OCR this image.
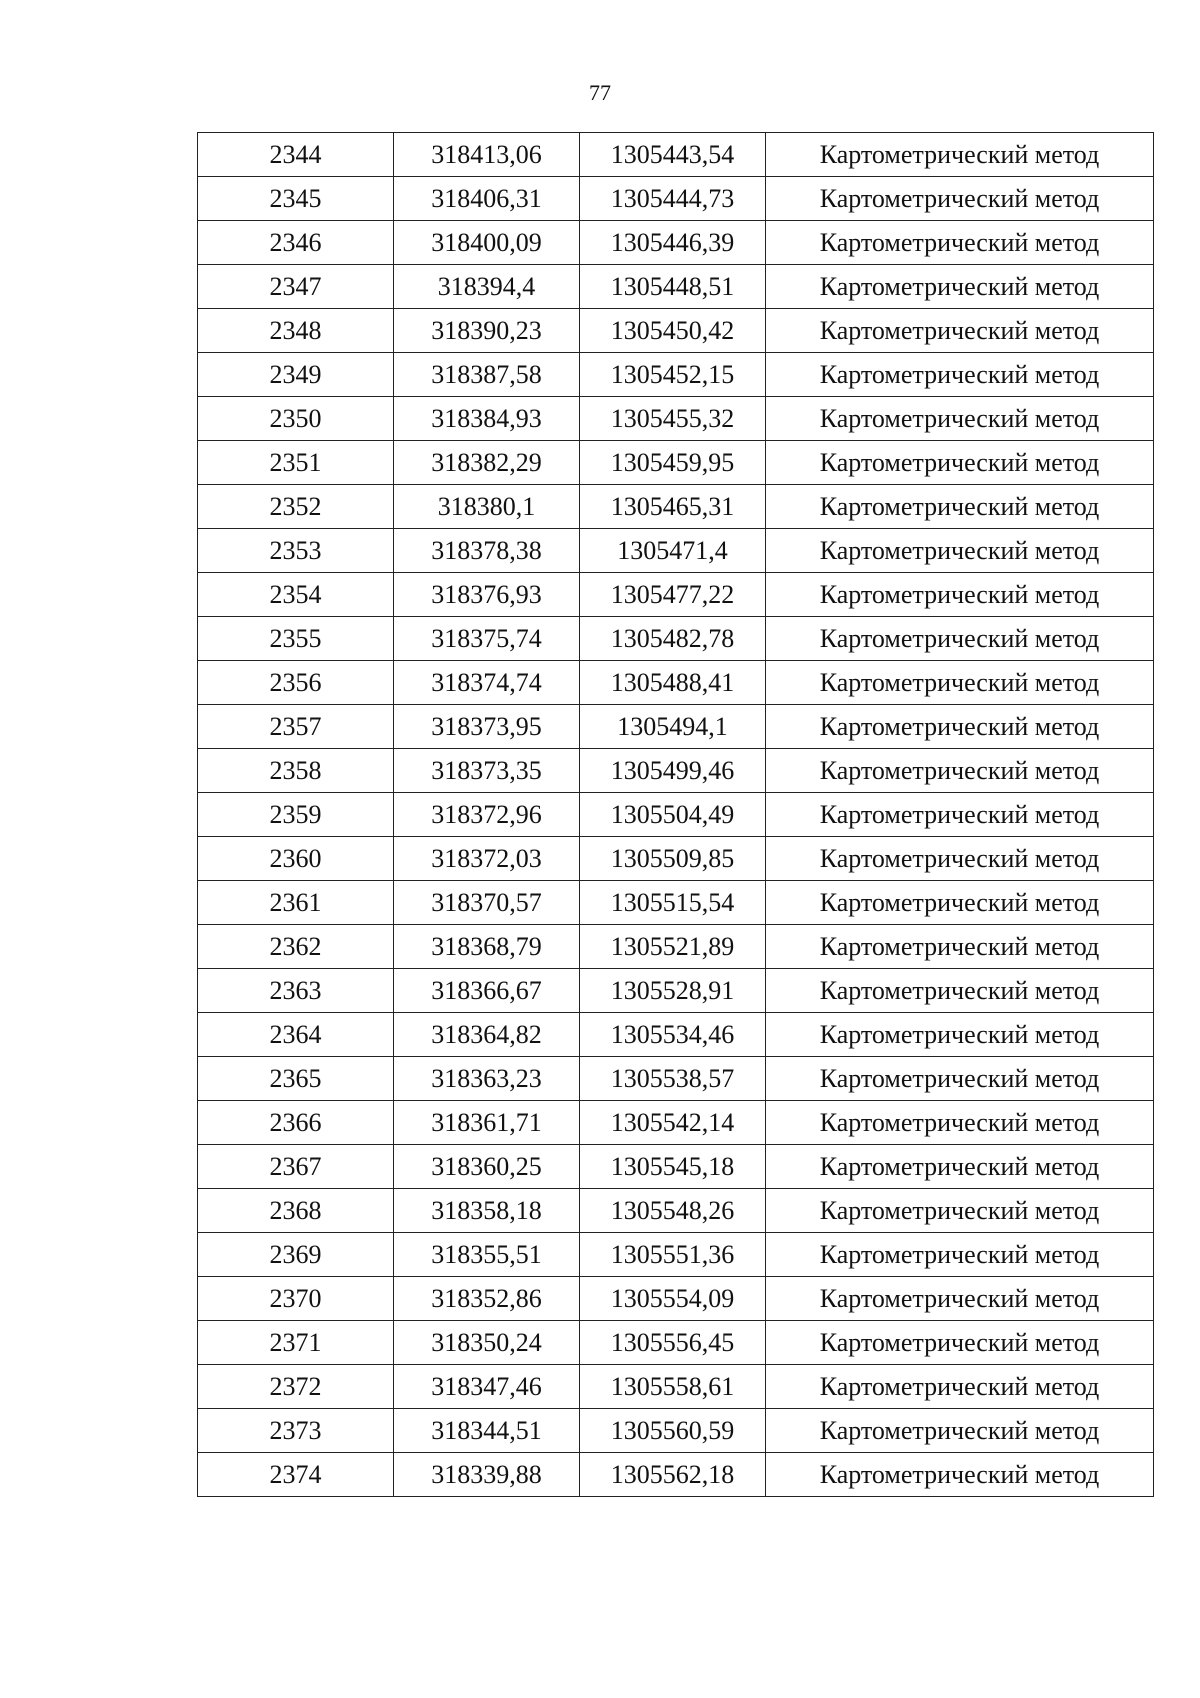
77
2344	318413,06	1305443,54	Картометрический метод
2345	318406,31	1305444,73	Картометрический метод
2346	318400,09	1305446,39	Картометрический метод
2347	318394,4	1305448,51	Картометрический метод
2348	318390,23	1305450,42	Картометрический метод
2349	318387,58	1305452,15	Картометрический метод
2350	318384,93	1305455,32	Картометрический метод
2351	318382,29	1305459,95	Картометрический метод
2352	318380,1	1305465,31	Картометрический метод
2353	318378,38	1305471,4	Картометрический метод
2354	318376,93	1305477,22	Картометрический метод
2355	318375,74	1305482,78	Картометрический метод
2356	318374,74	1305488,41	Картометрический метод
2357	318373,95	1305494,1	Картометрический метод
2358	318373,35	1305499,46	Картометрический метод
2359	318372,96	1305504,49	Картометрический метод
2360	318372,03	1305509,85	Картометрический метод
2361	318370,57	1305515,54	Картометрический метод
2362	318368,79	1305521,89	Картометрический метод
2363	318366,67	1305528,91	Картометрический метод
2364	318364,82	1305534,46	Картометрический метод
2365	318363,23	1305538,57	Картометрический метод
2366	318361,71	1305542,14	Картометрический метод
2367	318360,25	1305545,18	Картометрический метод
2368	318358,18	1305548,26	Картометрический метод
2369	318355,51	1305551,36	Картометрический метод
2370	318352,86	1305554,09	Картометрический метод
2371	318350,24	1305556,45	Картометрический метод
2372	318347,46	1305558,61	Картометрический метод
2373	318344,51	1305560,59	Картометрический метод
2374	318339,88	1305562,18	Картометрический метод
